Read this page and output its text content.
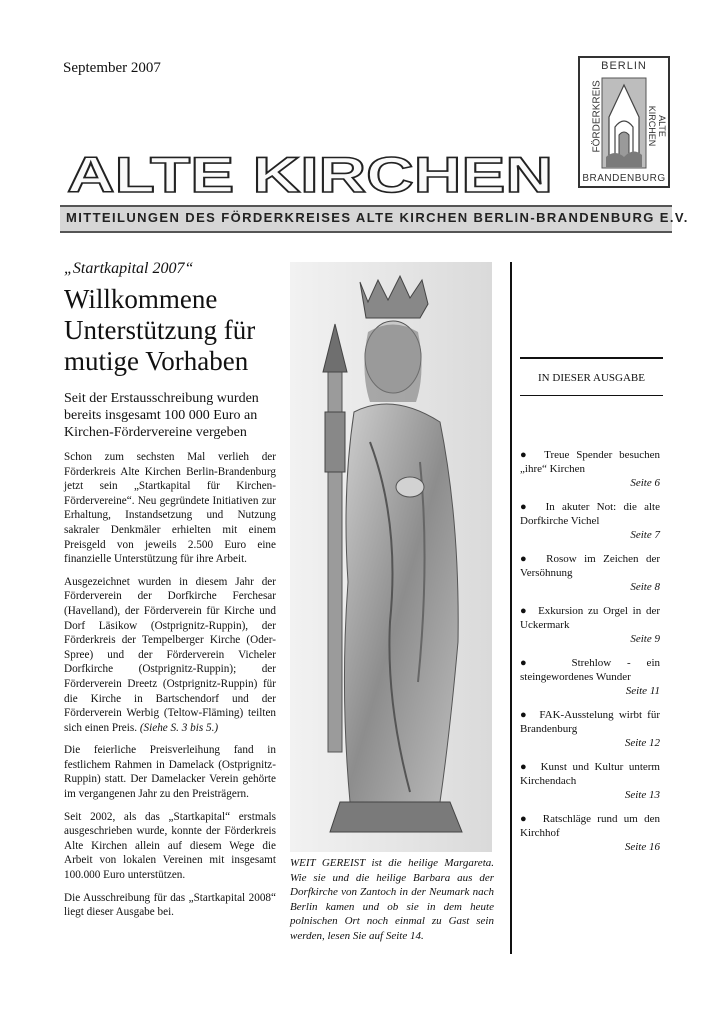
September 2007	BERLIN
FÖRDERKREIS	ALTE KIRCHEN
BRANDENBURG
ALTE KIRCHEN
MITTEILUNGEN DES FÖRDERKREISES ALTE KIRCHEN BERLIN-BRANDENBURG E.V.
„Startkapital 2007“
Willkommene Unterstützung für mutige Vorhaben
Seit der Erstausschreibung wurden bereits insgesamt 100 000 Euro an Kirchen-Fördervereine vergeben

Schon zum sechsten Mal verlieh der Förderkreis Alte Kirchen Berlin-Brandenburg jetzt sein „Startkapital für Kirchen-Fördervereine“. Neu gegründete Initiativen zur Erhaltung, Instandsetzung und Nutzung sakraler Denkmäler erhielten mit einem Preisgeld von jeweils 2.500 Euro eine finanzielle Unterstützung für ihre Arbeit.

Ausgezeichnet wurden in diesem Jahr der Förderverein der Dorfkirche Ferchesar (Havelland), der Förderverein für Kirche und Dorf Läsikow (Ostprignitz-Ruppin), der Förderkreis der Tempelberger Kirche (Oder-Spree) und der Förderverein Vicheler Dorfkirche (Ostprignitz-Ruppin); der Förderverein Dreetz (Ostprignitz-Ruppin) für die Kirche in Bartschendorf und der Förderverein Werbig (Teltow-Fläming) teilten sich einen Preis. (Siehe S. 3 bis 5.)

Die feierliche Preisverleihung fand in festlichem Rahmen in Damelack (Ostprignitz-Ruppin) statt. Der Damelacker Verein gehörte im vergangenen Jahr zu den Preisträgern.

Seit 2002, als das „Startkapital“ erstmals ausgeschrieben wurde, konnte der Förderkreis Alte Kirchen allein auf diesem Wege die Arbeit von lokalen Vereinen mit insgesamt 100.000 Euro unterstützen.

Die Ausschreibung für das „Startkapital 2008“ liegt dieser Ausgabe bei.

WEIT GEREIST ist die heilige Margareta. Wie sie und die heilige Barbara aus der Dorfkirche von Zantoch in der Neumark nach Berlin kamen und ob sie in dem heute polnischen Ort noch einmal zu Gast sein werden, lesen Sie auf Seite 14.
IN DIESER AUSGABE
● Treue Spender besuchen „ihre“ Kirchen
Seite 6
● In akuter Not: die alte Dorfkirche Vichel
Seite 7
● Rosow im Zeichen der Versöhnung
Seite 8
● Exkursion zu Orgel in der Uckermark
Seite 9
●	Strehlow - ein steingewordenes Wunder
Seite 11
● FAK-Ausstelung wirbt für Brandenburg
Seite 12
● Kunst und Kultur unterm Kirchendach
Seite 13
● Ratschläge rund um den Kirchhof
Seite 16
